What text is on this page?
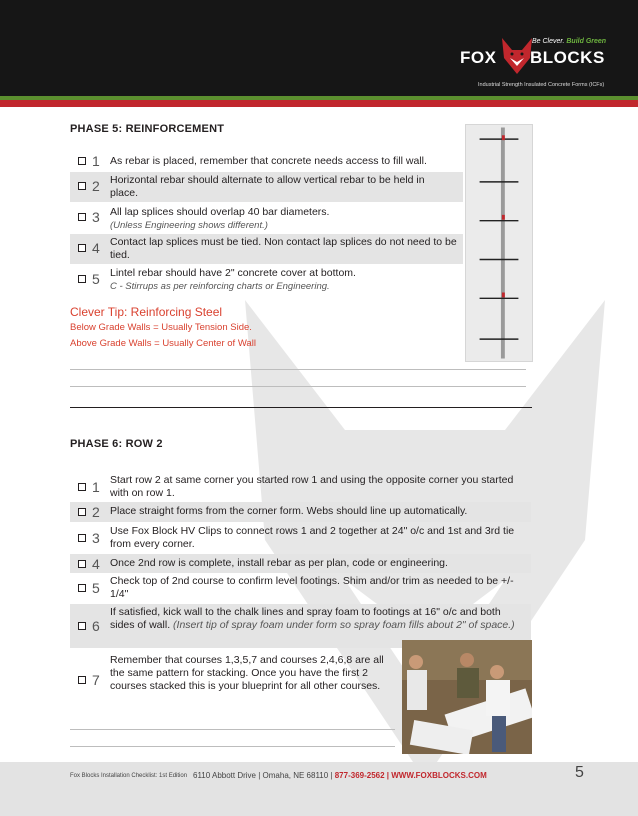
Be Clever. Build Green
FOX BLOCKS
Industrial Strength Insulated Concrete Forms (ICFs)
PHASE 5: REINFORCEMENT
1 As rebar is placed, remember that concrete needs access to fill wall.
2 Horizontal rebar should alternate to allow vertical rebar to be held in place.
3 All lap splices should overlap 40 bar diameters.
(Unless Engineering shows different.)
4 Contact lap splices must be tied. Non contact lap splices do not need to be tied.
5 Lintel rebar should have 2" concrete cover at bottom.
C - Stirrups as per reinforcing charts or Engineering.
Clever Tip: Reinforcing Steel
Below Grade Walls = Usually Tension Side.
Above Grade Walls = Usually Center of Wall
PHASE 6: ROW 2
1 Start row 2 at same corner you started row 1 and using the opposite corner you started with on row 1.
2 Place straight forms from the corner form. Webs should line up automatically.
3 Use Fox Block HV Clips to connect rows 1 and 2 together at 24" o/c and 1st and 3rd tie from every corner.
4 Once 2nd row is complete, install rebar as per plan, code or engineering.
5 Check top of 2nd course to confirm level footings. Shim and/or trim as needed to be +/- 1/4"
6
If satisfied, kick wall to the chalk lines and spray foam to footings at 16" o/c and both sides of wall. (Insert tip of spray foam under form so spray foam fills about 2" of space.)
7
Remember that courses 1,3,5,7 and courses 2,4,6,8 are all the same pattern for stacking. Once you have the first 2 courses stacked this is your blueprint for all other courses.
Fox Blocks Installation Checklist: 1st Edition 6110 Abbott Drive | Omaha, NE 68110 | 877-369-2562 | WWW.FOXBLOCKS.COM	5
